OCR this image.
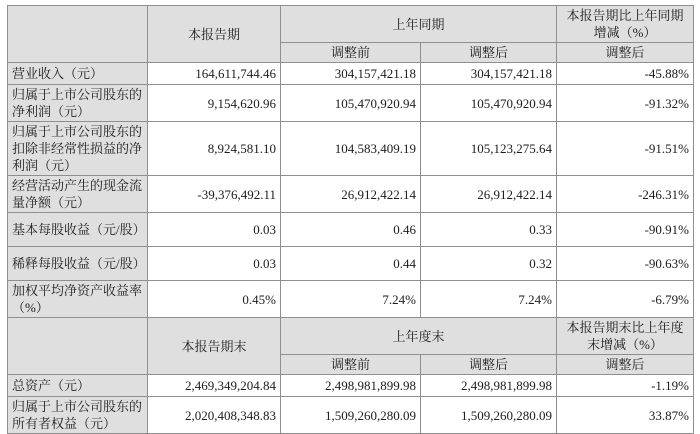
	本报告期	上年同期		本报告期比上年同期增减（%）
		调整前	调整后	调整后
营业收入（元）	164,611,744.46	304,157,421.18	304,157,421.18	-45.88%
归属于上市公司股东的净利润（元）	9,154,620.96	105,470,920.94	105,470,920.94	-91.32%
归属于上市公司股东的扣除非经常性损益的净利润（元）	8,924,581.10	104,583,409.19	105,123,275.64	-91.51%
经营活动产生的现金流量净额（元）	-39,376,492.11	26,912,422.14	26,912,422.14	-246.31%
基本每股收益（元/股）	0.03	0.46	0.33	-90.91%
稀释每股收益（元/股）	0.03	0.44	0.32	-90.63%
加权平均净资产收益率（%）	0.45%	7.24%	7.24%	-6.79%
	本报告期末	上年度末		本报告期末比上年度末增减（%）
		调整前	调整后	调整后
总资产（元）	2,469,349,204.84	2,498,981,899.98	2,498,981,899.98	-1.19%
归属于上市公司股东的所有者权益（元）	2,020,408,348.83	1,509,260,280.09	1,509,260,280.09	33.87%
